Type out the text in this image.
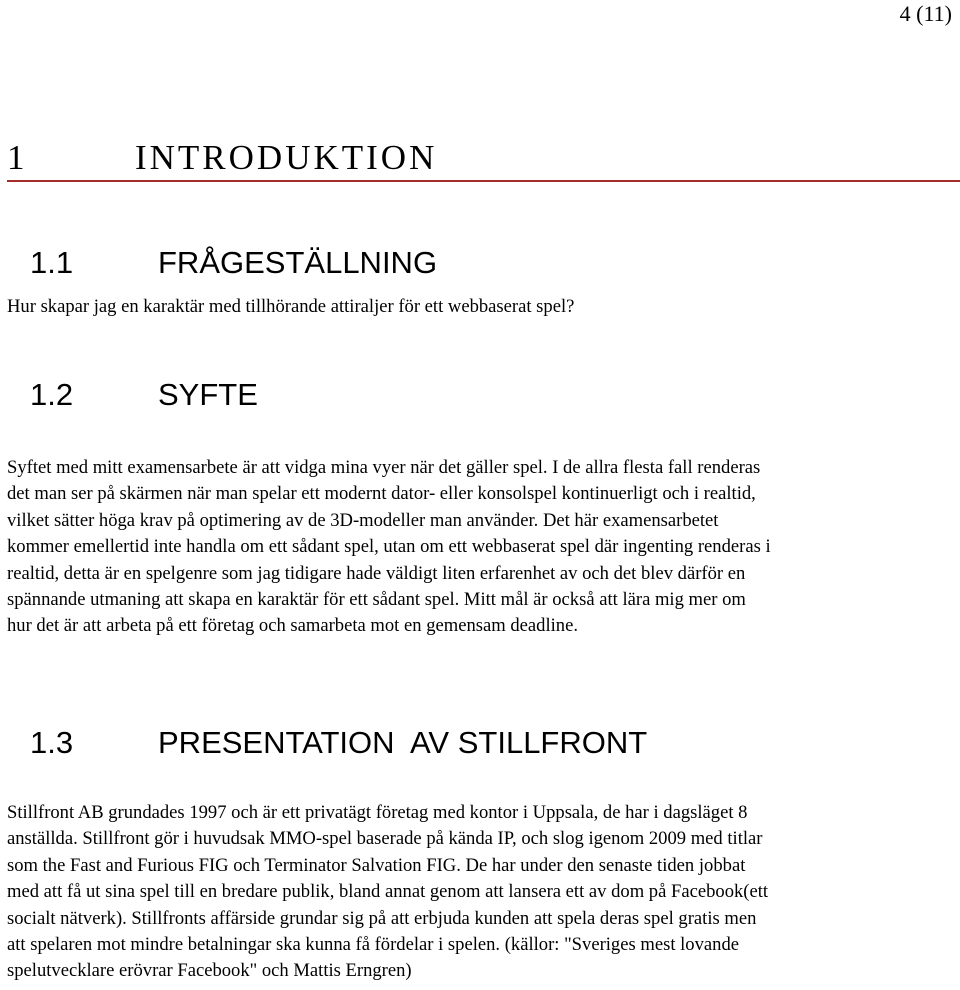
4 (11)
1	INTRODUKTION
1.1	FRÅGESTÄLLNING
Hur skapar jag en karaktär med tillhörande attiraljer för ett webbaserat spel?
1.2	SYFTE
Syftet med mitt examensarbete är att vidga mina vyer när det gäller spel. I de allra flesta fall renderas
det man ser på skärmen när man spelar ett modernt dator- eller konsolspel kontinuerligt och i realtid,
vilket sätter höga krav på optimering av de 3D-modeller man använder. Det här examensarbetet
kommer emellertid inte handla om ett sådant spel, utan om ett webbaserat spel där ingenting renderas i
realtid, detta är en spelgenre som jag tidigare hade väldigt liten erfarenhet av och det blev därför en
spännande utmaning att skapa en karaktär för ett sådant spel. Mitt mål är också att lära mig mer om
hur det är att arbeta på ett företag och samarbeta mot en gemensam deadline.
1.3	PRESENTATION  AV STILLFRONT
Stillfront AB grundades 1997 och är ett privatägt företag med kontor i Uppsala, de har i dagsläget 8
anställda. Stillfront gör i huvudsak MMO-spel baserade på kända IP, och slog igenom 2009 med titlar
som the Fast and Furious FIG och Terminator Salvation FIG. De har under den senaste tiden jobbat
med att få ut sina spel till en bredare publik, bland annat genom att lansera ett av dom på Facebook(ett
socialt nätverk). Stillfronts affärside grundar sig på att erbjuda kunden att spela deras spel gratis men
att spelaren mot mindre betalningar ska kunna få fördelar i spelen. (källor: "Sveriges mest lovande
spelutvecklare erövrar Facebook" och Mattis Erngren)
